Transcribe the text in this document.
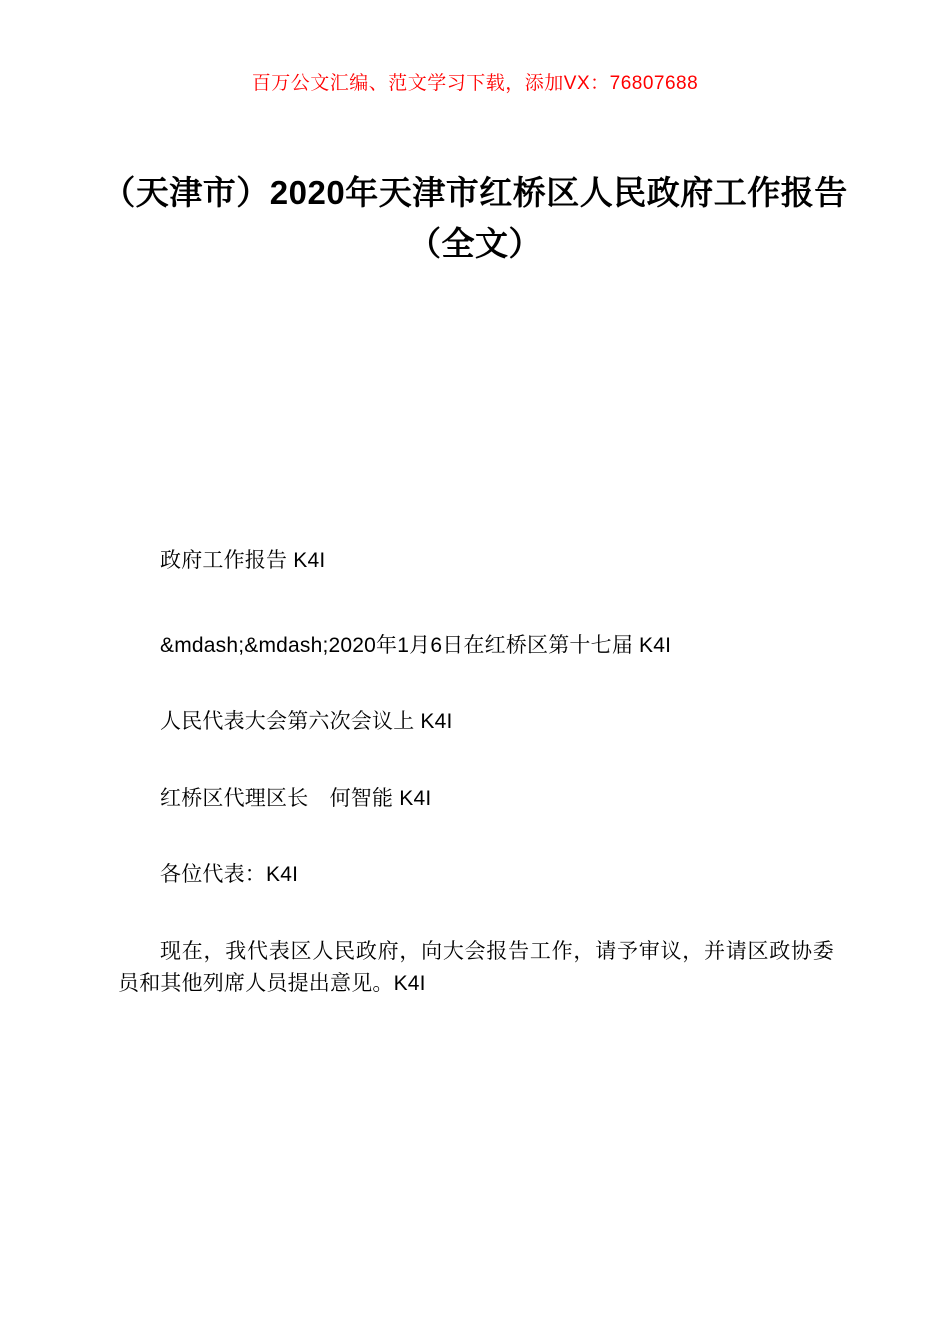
百万公文汇编、范文学习下载，添加VX：76807688
（天津市）2020年天津市红桥区人民政府工作报告（全文）

政府工作报告 K4I

&mdash;&mdash;2020年1月6日在红桥区第十七届 K4I

人民代表大会第六次会议上 K4I

红桥区代理区长　何智能 K4I

各位代表：K4I

现在，我代表区人民政府，向大会报告工作，请予审议，并请区政协委员和其他列席人员提出意见。K4I
